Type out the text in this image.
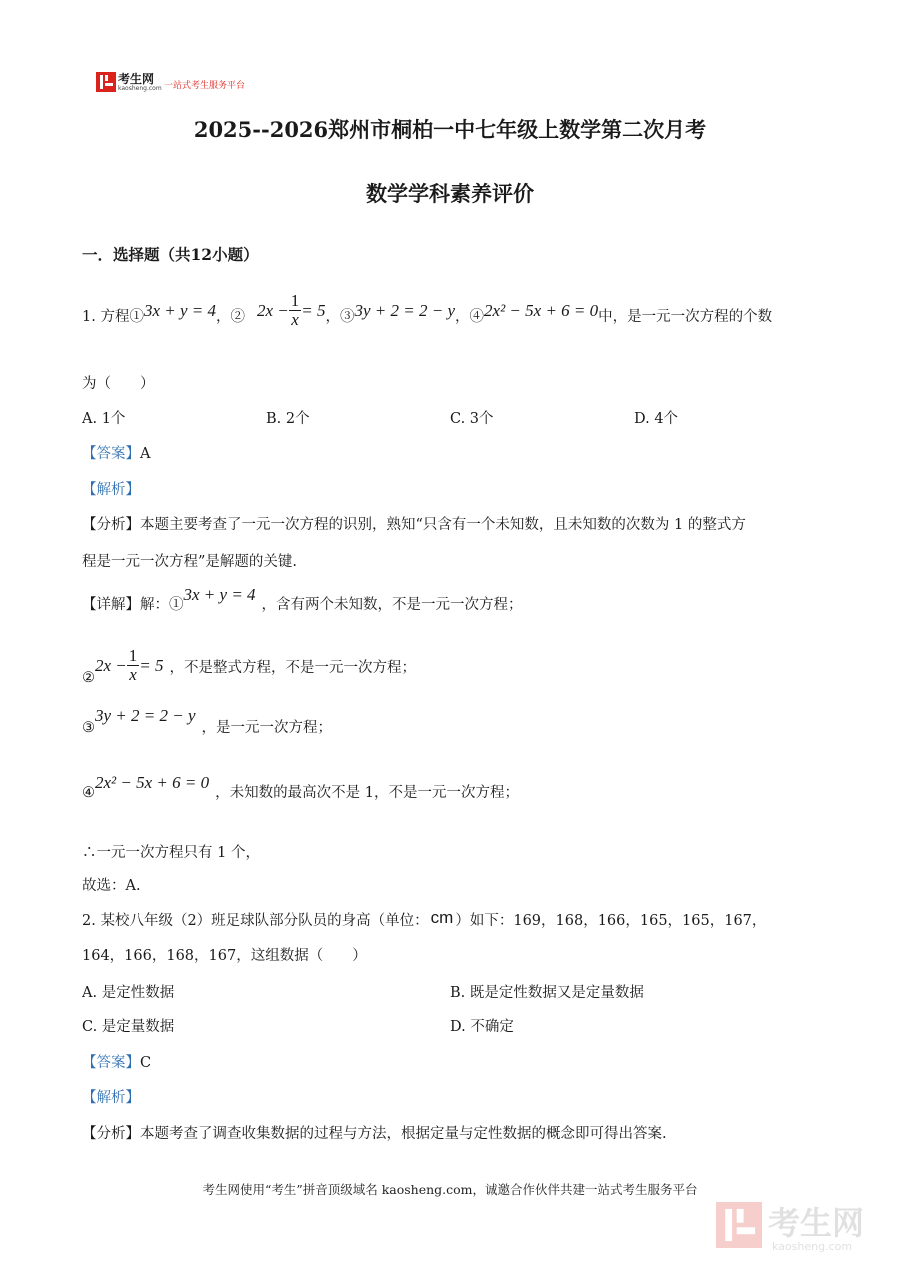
考生网
kaosheng.com 一站式考生服务平台
2025--2026郑州市桐柏一中七年级上数学第二次月考
数学学科素养评价
一．选择题（共12小题）
1. 方程① 3x + y = 4 ，② $2x - \frac{1}{x} = 5$ ，③ 3y + 2 = 2 − y ，④ 2x² − 5x + 6 = 0 中，是一元一次方程的个数
为（　　）
A. 1个	B. 2个	C. 3个	D. 4个
【答案】A
【解析】
【分析】本题主要考查了一元一次方程的识别，熟知“只含有一个未知数，且未知数的次数为 1 的整式方
程是一元一次方程”是解题的关键.
【详解】 解：①
3x + y = 4
，含有两个未知数，不是一元一次方程；
②
$2x - \frac{1}{x} = 5$ ，不是整式方程，不是一元一次方程；
③
3y + 2 = 2 − y
，是一元一次方程；
④
2x² − 5x + 6 = 0
，未知数的最高次不是 1，不是一元一次方程；
∴一元一次方程只有 1 个，
故选：A.
2. 某校八年级（2）班足球队部分队员的身高（单位： cm ）如下：169，168，166，165，165，167，
164，166，168，167，这组数据（　　）
A. 是定性数据	B. 既是定性数据又是定量数据
C. 是定量数据	D. 不确定
【答案】C
【解析】
【分析】本题考查了调查收集数据的过程与方法，根据定量与定性数据的概念即可得出答案.
考生网使用“考生”拼音顶级域名 kaosheng.com，诚邀合作伙伴共建一站式考生服务平台
考生网
kaosheng.com
